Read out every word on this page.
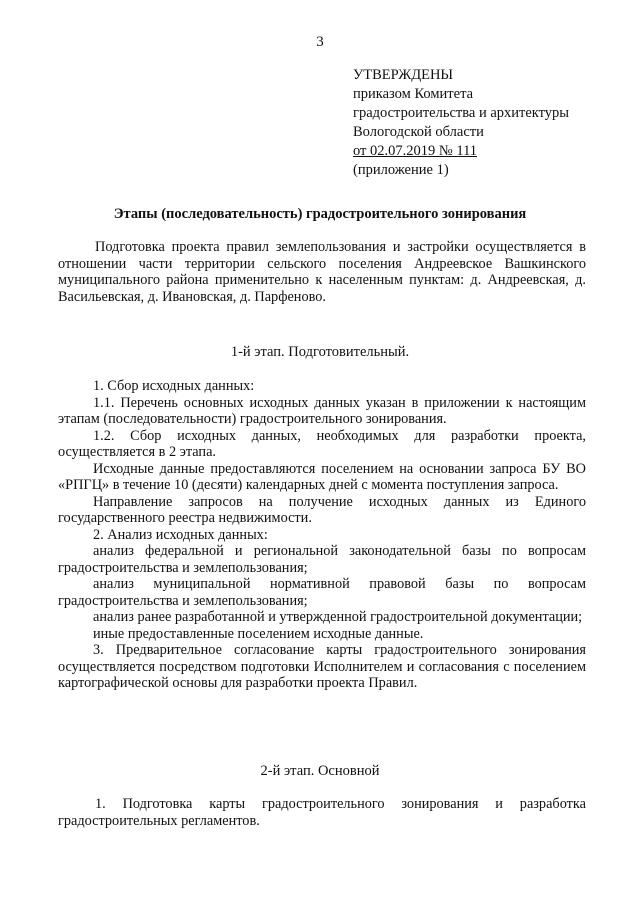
3
УТВЕРЖДЕНЫ
приказом Комитета
градостроительства и архитектуры
Вологодской области
от 02.07.2019 № 111
(приложение 1)
Этапы (последовательность) градостроительного зонирования

Подготовка проекта правил землепользования и застройки осуществляется в отношении части территории сельского поселения Андреевское Вашкинского муниципального района применительно к населенным пунктам: д. Андреевская, д. Васильевская, д. Ивановская, д. Парфеново.

1-й этап. Подготовительный.

1. Сбор исходных данных:

1.1. Перечень основных исходных данных указан в приложении к настоящим этапам (последовательности) градостроительного зонирования.

1.2. Сбор исходных данных, необходимых для разработки проекта, осуществляется в 2 этапа.

Исходные данные предоставляются поселением на основании запроса БУ ВО «РПГЦ» в течение 10 (десяти) календарных дней с момента поступления запроса.

Направление запросов на получение исходных данных из Единого государственного реестра недвижимости.

2. Анализ исходных данных:

анализ федеральной и региональной законодательной базы по вопросам градостроительства и землепользования;

анализ муниципальной нормативной правовой базы по вопросам градостроительства и землепользования;

анализ ранее разработанной и утвержденной градостроительной документации;

иные предоставленные поселением исходные данные.

3. Предварительное согласование карты градостроительного зонирования осуществляется посредством подготовки Исполнителем и согласования с поселением картографической основы для разработки проекта Правил.

2-й этап. Основной

1. Подготовка карты градостроительного зонирования и разработка градостроительных регламентов.
